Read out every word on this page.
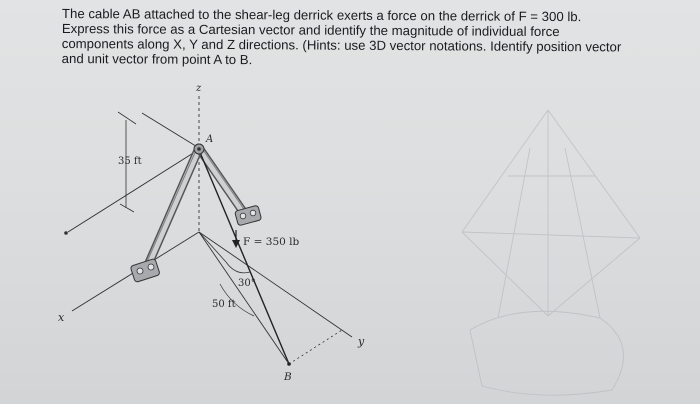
The cable AB attached to the shear-leg derrick exerts a force on the derrick of F = 300 lb.
Express this force as a Cartesian vector and identify the magnitude of individual force
components along X, Y and Z directions. (Hints: use 3D vector notations. Identify position vector
and unit vector from point A to B.

z
x
y
35 ft
A
F = 350 lb
30°
50 ft
B
